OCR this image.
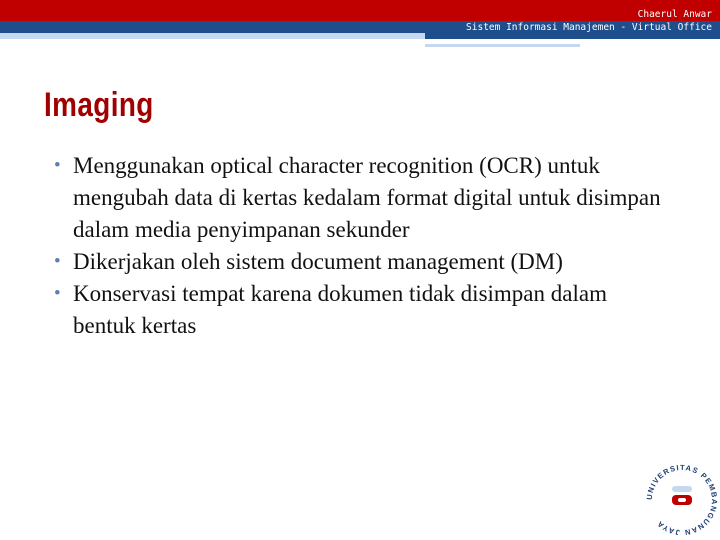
Chaerul Anwar
Sistem Informasi Manajemen - Virtual Office
Imaging
• Menggunakan optical character recognition (OCR) untuk mengubah data di kertas kedalam format digital untuk disimpan dalam media penyimpanan sekunder
• Dikerjakan oleh sistem document management (DM)
• Konservasi tempat karena dokumen tidak disimpan dalam bentuk kertas
UNIVERSITAS PEMBANGUNAN JAYA
